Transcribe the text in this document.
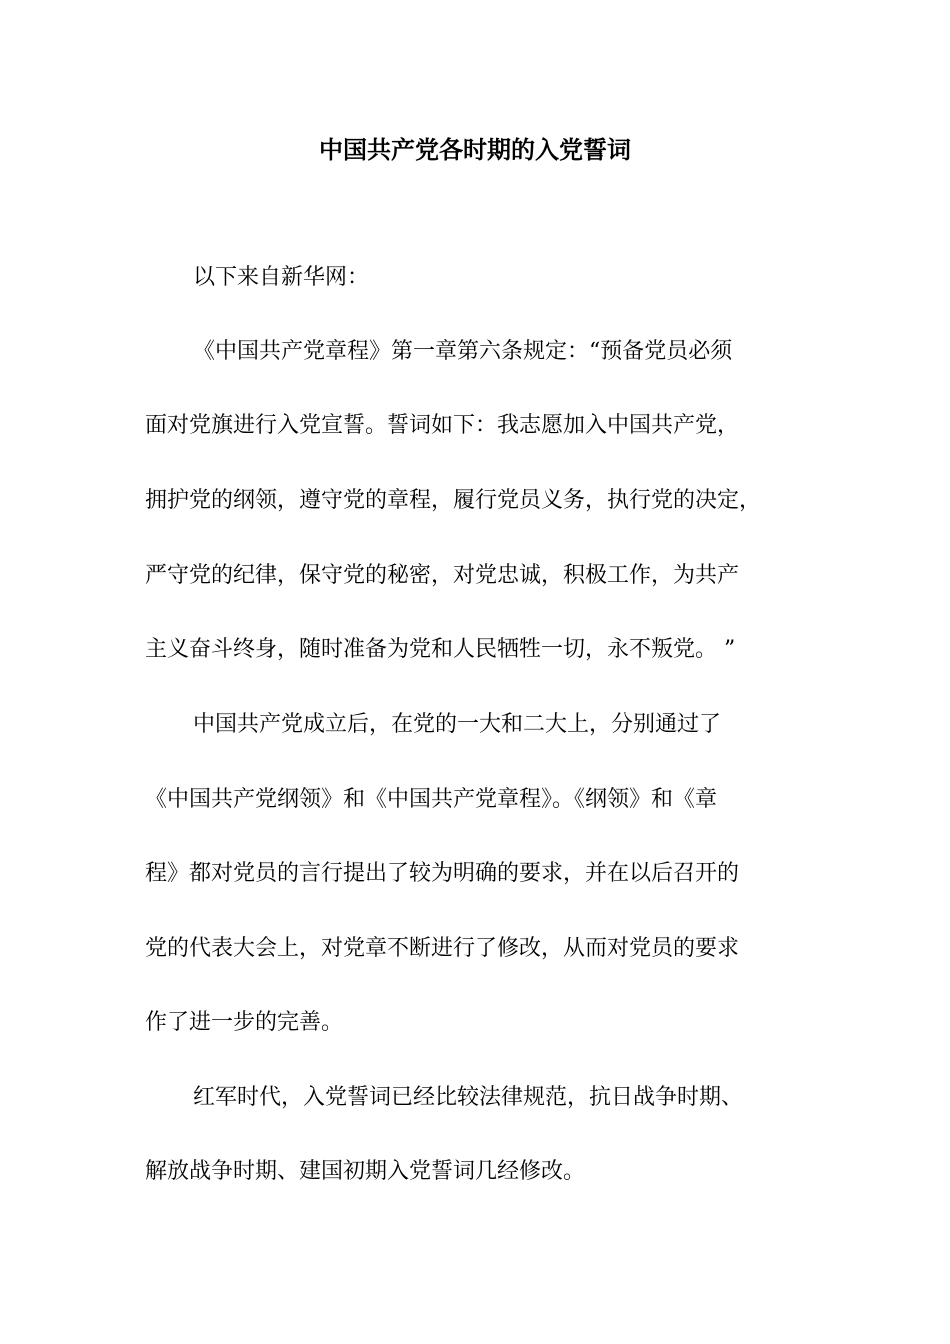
中国共产党各时期的入党誓词
以下来自新华网：
《中国共产党章程》第一章第六条规定：“预备党员必须
面对党旗进行入党宣誓。誓词如下：我志愿加入中国共产党，
拥护党的纲领，遵守党的章程，履行党员义务，执行党的决定，
严守党的纪律，保守党的秘密，对党忠诚，积极工作，为共产
主义奋斗终身，随时准备为党和人民牺牲一切，永不叛党。 ”
中国共产党成立后，在党的一大和二大上，分别通过了
《中国共产党纲领》和《中国共产党章程》。《纲领》和《章
程》都对党员的言行提出了较为明确的要求，并在以后召开的
党的代表大会上，对党章不断进行了修改，从而对党员的要求
作了进一步的完善。
红军时代，入党誓词已经比较法律规范，抗日战争时期、
解放战争时期、建国初期入党誓词几经修改。
